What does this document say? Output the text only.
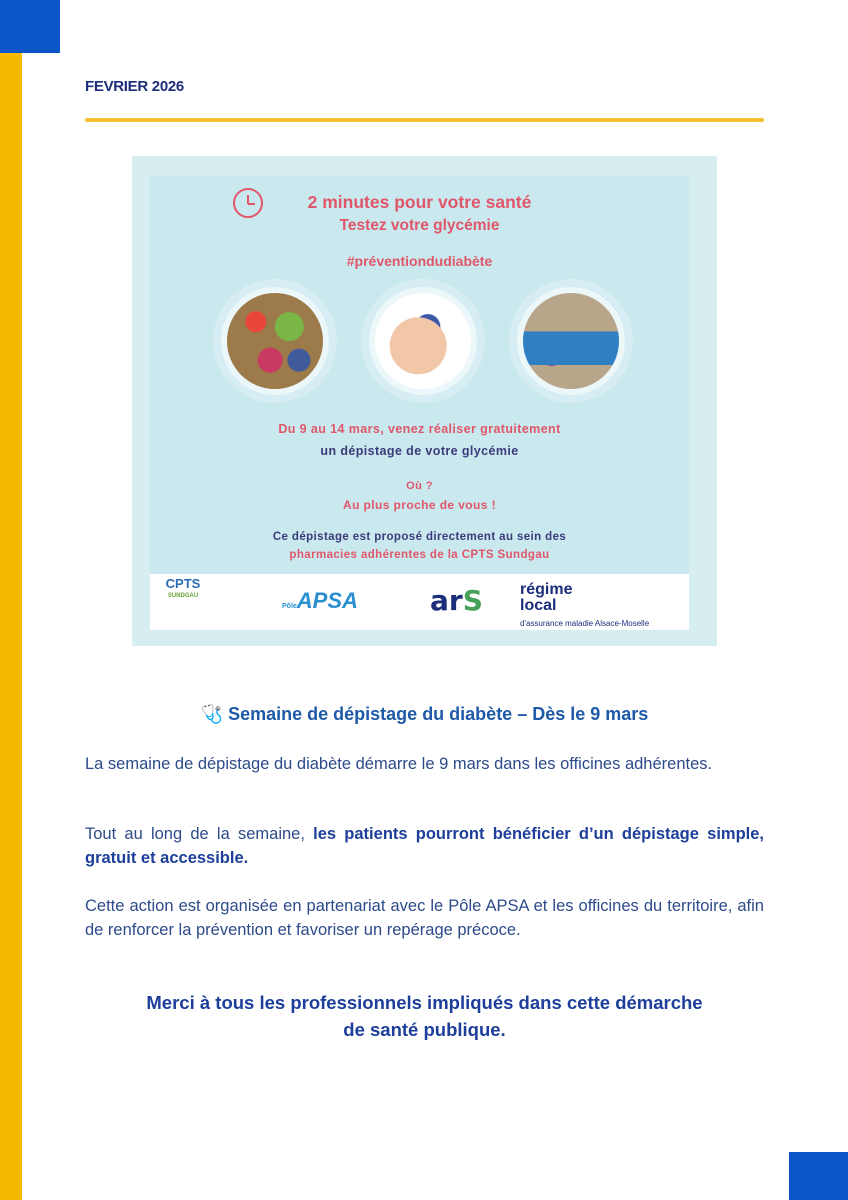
FEVRIER 2026
2 minutes pour votre santé
Testez votre glycémie
#préventiondudiabète
Du 9 au 14 mars, venez réaliser gratuitement
un dépistage de votre glycémie
Où ?
Au plus proche de vous !
Ce dépistage est proposé directement au sein des
pharmacies adhérentes de la CPTS Sundgau
CPTS
SUNDGAU
PôleAPSA	arS régime
local
d'assurance maladie Alsace-Moselle
🩺 Semaine de dépistage du diabète – Dès le 9 mars
La semaine de dépistage du diabète démarre le 9 mars dans les officines adhérentes.
Tout au long de la semaine, les patients pourront bénéficier d’un dépistage simple, gratuit et accessible.
Cette action est organisée en partenariat avec le Pôle APSA et les officines du territoire, afin de renforcer la prévention et favoriser un repérage précoce.
Merci à tous les professionnels impliqués dans cette démarche
de santé publique.
